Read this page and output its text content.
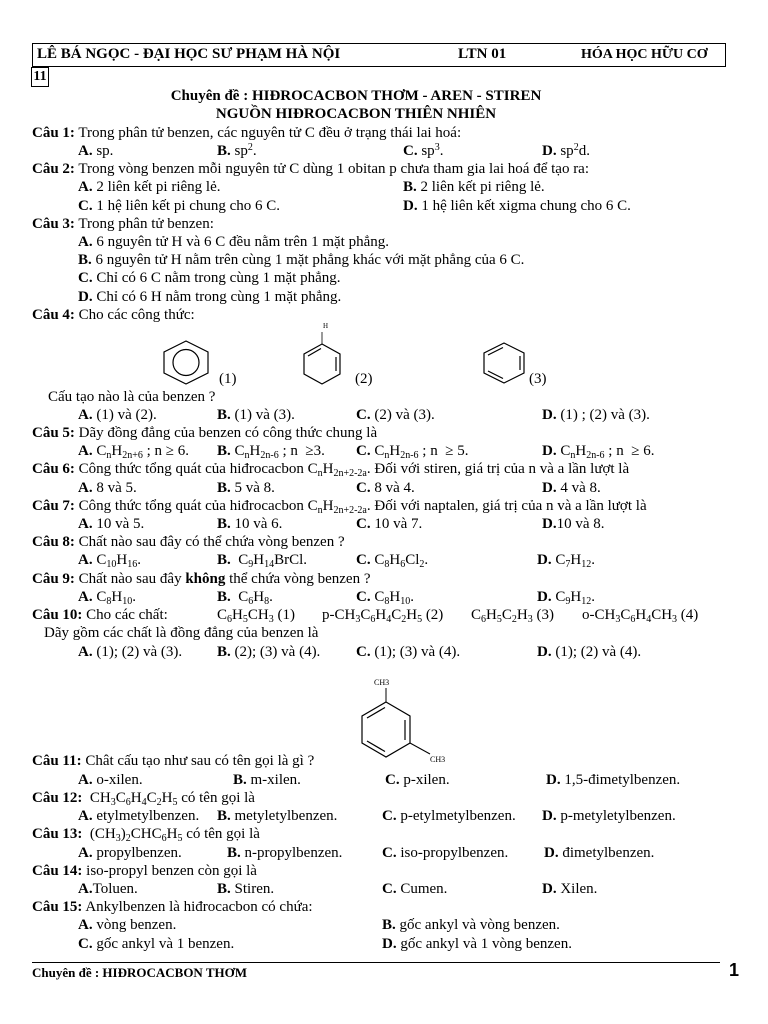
LÊ BÁ NGỌC - ĐẠI HỌC SƯ PHẠM HÀ NỘI	LTN 01	HÓA HỌC HỮU CƠ
11
Chuyên đề : HIĐROCACBON THƠM - AREN - STIREN
NGUỒN HIĐROCACBON THIÊN NHIÊN
Câu 1: Trong phân tử benzen, các nguyên tử C đều ở trạng thái lai hoá:
A. sp.	B. $sp^2$.	C. $sp^3$.	D. $sp^2d$.
Câu 2: Trong vòng benzen mỗi nguyên tử C dùng 1 obitan p chưa tham gia lai hoá để tạo ra:
A. 2 liên kết pi riêng lẻ.	B. 2 liên kết pi riêng lẻ.
C. 1 hệ liên kết pi chung cho 6 C.	D. 1 hệ liên kết xigma chung cho 6 C.
Câu 3: Trong phân tử benzen:
A. 6 nguyên tử H và 6 C đều nằm trên 1 mặt phẳng.
B. 6 nguyên tử H nằm trên cùng 1 mặt phẳng khác với mặt phẳng của 6 C.
C. Chỉ có 6 C nằm trong cùng 1 mặt phẳng.
D. Chỉ có 6 H nằm trong cùng 1 mặt phẳng.
Câu 4: Cho các công thức:
(1)
H
(2)	(3)
Cấu tạo nào là của benzen ?
A. (1) và (2).	B. (1) và (3).	C. (2) và (3).	D. (1) ; (2) và (3).
Câu 5: Dãy đồng đẳng của benzen có công thức chung là
A. $C_nH_{2n+6}$ ; n ≥ 6. B. $C_nH_{2n-6}$ ; n  ≥3. C. $C_nH_{2n-6}$ ; n  ≥ 5.	D. $C_nH_{2n-6}$ ; n  ≥ 6.
Câu 6: Công thức tổng quát của hiđrocacbon $C_nH_{2n+2-2a}$. Đối với stiren, giá trị của n và a lần lượt là
A. 8 và 5.	B. 5 và 8.	C. 8 và 4.	D. 4 và 8.
Câu 7: Công thức tổng quát của hiđrocacbon $C_nH_{2n+2-2a}$. Đối với naptalen, giá trị của n và a lần lượt là
A. 10 và 5.	B. 10 và 6.	C. 10 và 7.	D.10 và 8.
Câu 8: Chất nào sau đây có thể chứa vòng benzen ?
A. $C_{10}H_{16}$.	B.  $C_9H_{14}BrCl$.	C. $C_8H_6Cl_2$.	D. $C_7H_{12}$.
Câu 9: Chất nào sau đây không thể chứa vòng benzen ?
A. $C_8H_{10}$.	B.  $C_6H_8$.	C. $C_8H_{10}$.	D. $C_9H_{12}$.
Câu 10: Cho các chất:	$C_6H_5CH_3$ (1) $p-CH_3C_6H_4C_2H_5$ (2) $C_6H_5C_2H_3$ (3) $o-CH_3C_6H_4CH_3$ (4)
Dãy gồm các chất là đồng đẳng của benzen là
A. (1); (2) và (3). B. (2); (3) và (4). C. (1); (3) và (4).	D. (1); (2) và (4).
CH3
CH3
Câu 11: Chât cấu tạo như sau có tên gọi là gì ?
A. o-xilen.	B. m-xilen.	C. p-xilen.	D. 1,5-đimetylbenzen.
Câu 12:  $CH_3C_6H_4C_2H_5$ có tên gọi là
A. etylmetylbenzen. B. metyletylbenzen.	C. p-etylmetylbenzen. D. p-metyletylbenzen.
Câu 13:  $(CH_3)_2CHC_6H_5$ có tên gọi là
A. propylbenzen.	B. n-propylbenzen.	C. iso-propylbenzen. D. đimetylbenzen.
Câu 14: iso-propyl benzen còn gọi là
A.Toluen.	B. Stiren.	C. Cumen.	D. Xilen.
Câu 15: Ankylbenzen là hiđrocacbon có chứa:
A. vòng benzen.	B. gốc ankyl và vòng benzen.
C. gốc ankyl và 1 benzen.	D. gốc ankyl và 1 vòng benzen.
Chuyên đề : HIĐROCACBON THƠM	1
